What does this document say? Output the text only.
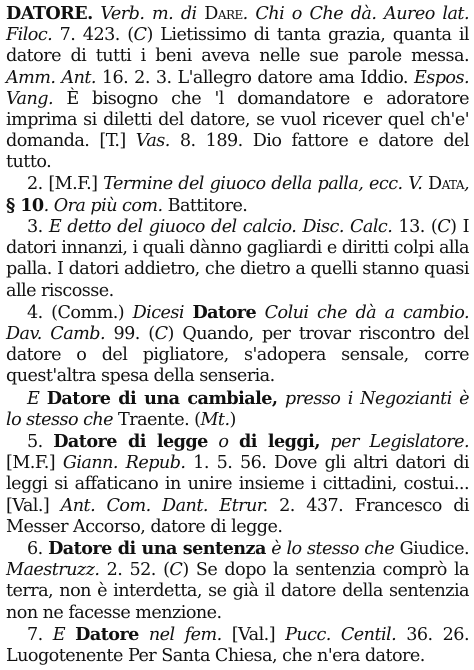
DATORE. Verb. m. di Dare. Chi o Che dà. Aureo lat. Filoc. 7. 423. (C) Lietissimo di tanta grazia, quanta il datore di tutti i beni aveva nelle sue parole messa. Amm. Ant. 16. 2. 3. L'allegro datore ama Iddio. Espos. Vang. È bisogno che 'l domandatore e adoratore imprima si diletti del datore, se vuol ricever quel ch'e' domanda. [T.] Vas. 8. 189. Dio fattore e datore del tutto.

2. [M.F.] Termine del giuoco della palla, ecc. V. Data, § 10. Ora più com. Battitore.

3. E detto del giuoco del calcio. Disc. Calc. 13. (C) I datori innanzi, i quali dànno gagliardi e diritti colpi alla palla. I datori addietro, che dietro a quelli stanno quasi alle riscosse.

4. (Comm.) Dicesi Datore Colui che dà a cambio. Dav. Camb. 99. (C) Quando, per trovar riscontro del datore o del pigliatore, s'adopera sensale, corre quest'altra spesa della senseria.

E Datore di una cambiale, presso i Negozianti è lo stesso che Traente. (Mt.)

5. Datore di legge o di leggi, per Legislatore. [M.F.] Giann. Repub. 1. 5. 56. Dove gli altri datori di leggi si affaticano in unire insieme i cittadini, costui... [Val.] Ant. Com. Dant. Etrur. 2. 437. Francesco di Messer Accorso, datore di legge.

6. Datore di una sentenza è lo stesso che Giudice. Maestruzz. 2. 52. (C) Se dopo la sentenzia comprò la terra, non è interdetta, se già il datore della sentenzia non ne facesse menzione.

7. E Datore nel fem. [Val.] Pucc. Centil. 36. 26. Luogotenente Per Santa Chiesa, che n'era datore.
